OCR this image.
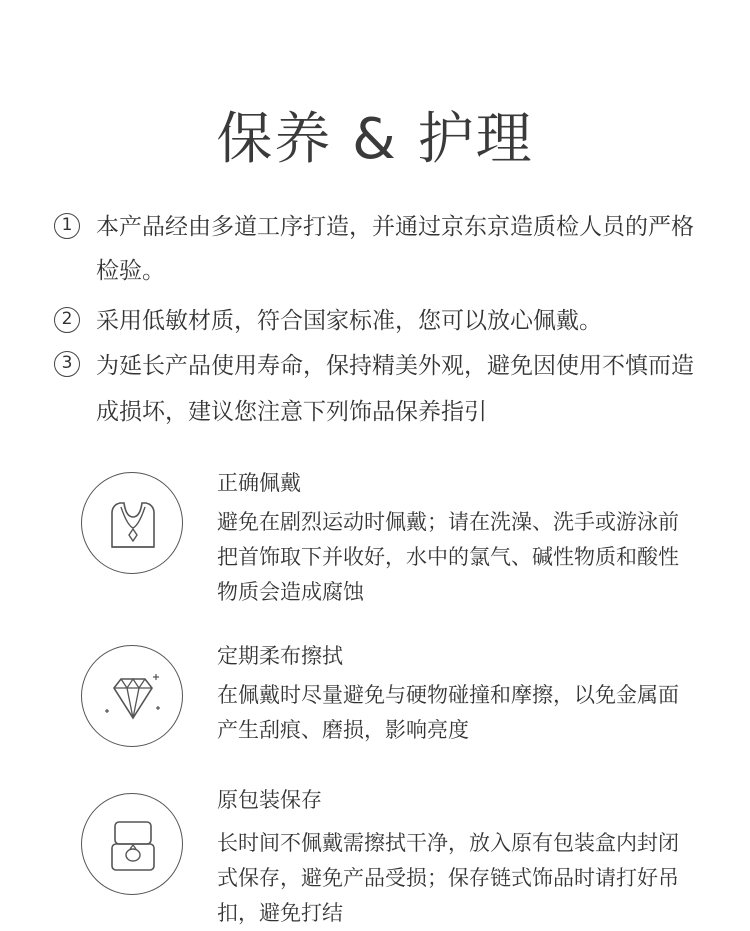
保养 & 护理
1	本产品经由多道工序打造，并通过京东京造质检人员的严格检验。
2	采用低敏材质，符合国家标准，您可以放心佩戴。
3	为延长产品使用寿命，保持精美外观，避免因使用不慎而造成损坏，建议您注意下列饰品保养指引
正确佩戴
避免在剧烈运动时佩戴；请在洗澡、洗手或游泳前把首饰取下并收好，水中的氯气、碱性物质和酸性物质会造成腐蚀
定期柔布擦拭
在佩戴时尽量避免与硬物碰撞和摩擦，以免金属面产生刮痕、磨损，影响亮度
原包装保存
长时间不佩戴需擦拭干净，放入原有包装盒内封闭式保存，避免产品受损；保存链式饰品时请打好吊扣，避免打结
